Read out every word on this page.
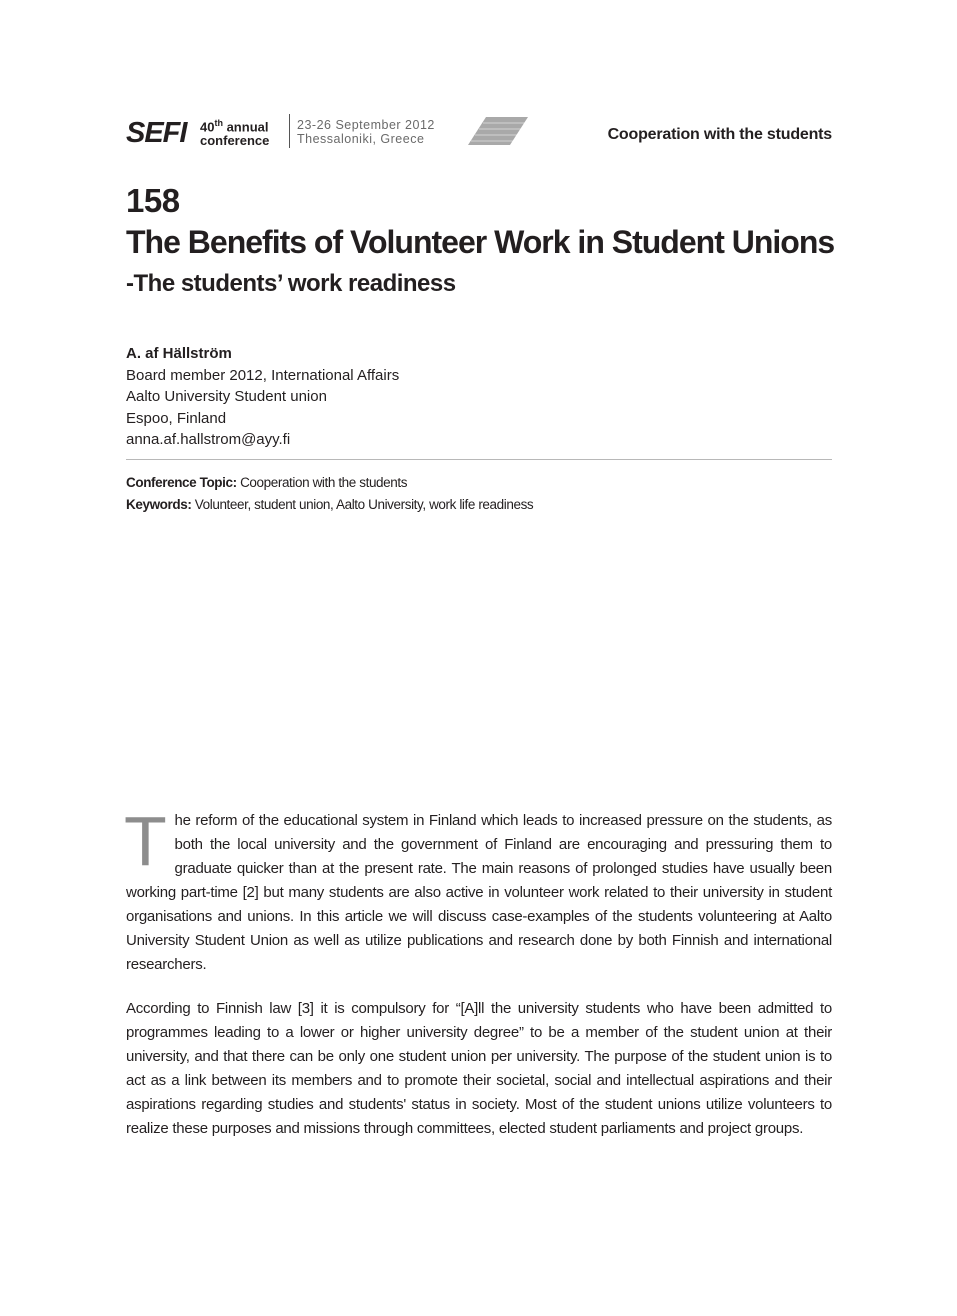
SEFI 40th annual
conference
23-26 September 2012
Thessaloniki, Greece	Cooperation with the students
158
The Benefits of Volunteer Work in Student Unions
-The students’ work readiness
A. af Hällström
Board member 2012, International Affairs
Aalto University Student union
Espoo, Finland
anna.af.hallstrom@ayy.fi
Conference Topic: Cooperation with the students
Keywords: Volunteer, student union, Aalto University, work life readiness

The reform of the educational system in Finland which leads to increased pressure on the students, as both the local university and the government of Finland are encouraging and pressuring them to graduate quicker than at the present rate. The main reasons of prolonged studies have usually been working part-time [2] but many students are also active in volunteer work related to their university in student organisations and unions. In this article we will discuss case-examples of the students volunteering at Aalto University Student Union as well as utilize publications and research done by both Finnish and international researchers.

According to Finnish law [3] it is compulsory for “[A]ll the university students who have been admitted to programmes leading to a lower or higher university degree” to be a member of the student union at their university, and that there can be only one student union per university. The purpose of the student union is to act as a link between its members and to promote their societal, social and intellectual aspirations and their aspirations regarding studies and students' status in society. Most of the student unions utilize volunteers to realize these purposes and missions through committees, elected student parliaments and project groups.
